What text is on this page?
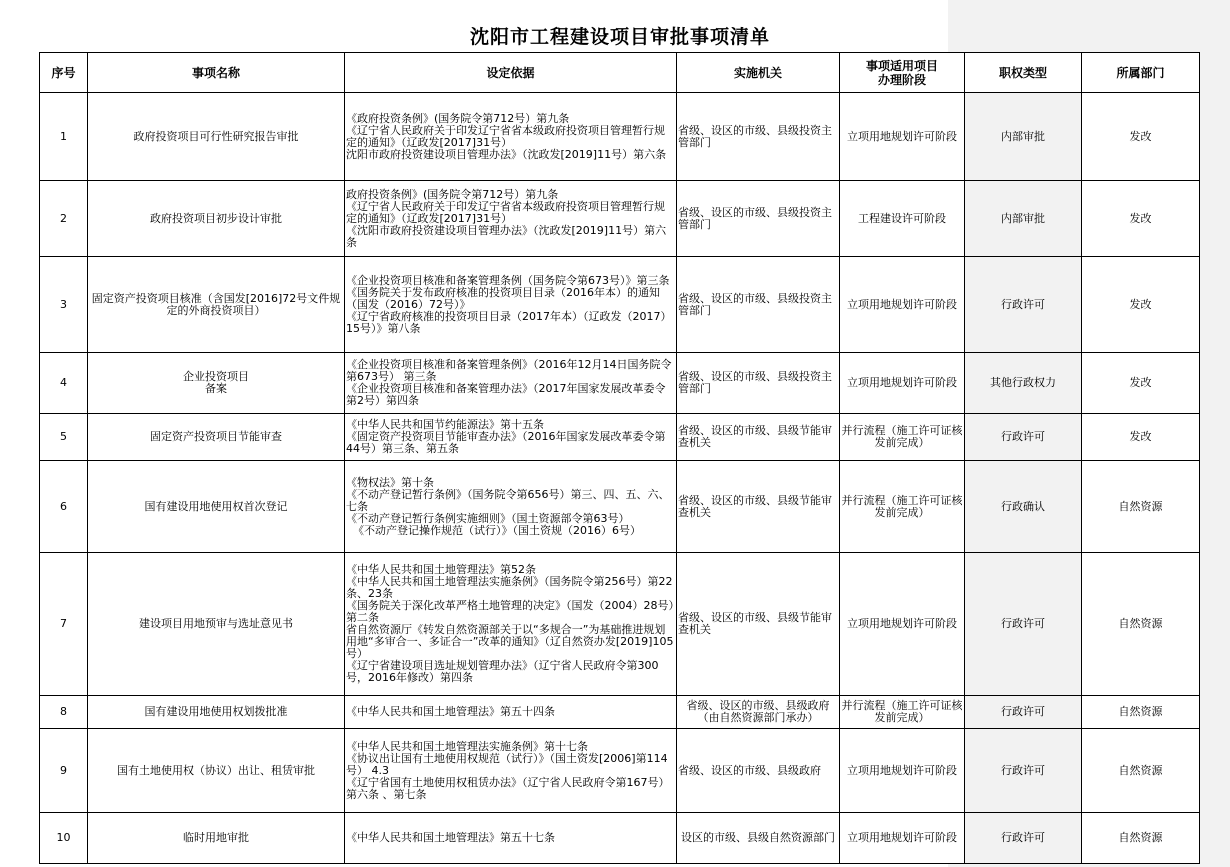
沈阳市工程建设项目审批事项清单
序号	事项名称	设定依据	实施机关	事项适用项目
办理阶段	职权类型	所属部门
1	政府投资项目可行性研究报告审批	《政府投资条例》(国务院令第712号）第九条
《辽宁省人民政府关于印发辽宁省省本级政府投资项目管理暂行规定的通知》（辽政发[2017]31号）
沈阳市政府投资建设项目管理办法》（沈政发[2019]11号）第六条	省级、设区的市级、县级投资主管部门	立项用地规划许可阶段	内部审批	发改
2	政府投资项目初步设计审批	政府投资条例》(国务院令第712号）第九条
《辽宁省人民政府关于印发辽宁省省本级政府投资项目管理暂行规定的通知》（辽政发[2017]31号）
《沈阳市政府投资建设项目管理办法》（沈政发[2019]11号）第六条	省级、设区的市级、县级投资主管部门	工程建设许可阶段	内部审批	发改
3	固定资产投资项目核准（含国发[2016]72号文件规定的外商投资项目）	《企业投资项目核准和备案管理条例（国务院令第673号）》第三条
《国务院关于发布政府核准的投资项目目录（2016年本）的通知（国发（2016）72号）》
《辽宁省政府核准的投资项目目录（2017年本）（辽政发（2017）15号）》第八条	省级、设区的市级、县级投资主管部门	立项用地规划许可阶段	行政许可	发改
4	企业投资项目
备案	《企业投资项目核准和备案管理条例》（2016年12月14日国务院令第673号） 第三条
《企业投资项目核准和备案管理办法》（2017年国家发展改革委令第2号）第四条	省级、设区的市级、县级投资主管部门	立项用地规划许可阶段	其他行政权力	发改
5	固定资产投资项目节能审查	《中华人民共和国节约能源法》第十五条
《固定资产投资项目节能审查办法》（2016年国家发展改革委令第44号）第三条、第五条	省级、设区的市级、县级节能审查机关	并行流程（施工许可证核发前完成）	行政许可	发改
6	国有建设用地使用权首次登记	《物权法》第十条
《不动产登记暂行条例》（国务院令第656号）第三、四、五、六、七条
《不动产登记暂行条例实施细则》（国土资源部令第63号）
《不动产登记操作规范（试行）》（国土资规（2016）6号）	省级、设区的市级、县级节能审查机关	并行流程（施工许可证核发前完成）	行政确认	自然资源
7	建设项目用地预审与选址意见书	《中华人民共和国土地管理法》第52条
《中华人民共和国土地管理法实施条例》（国务院令第256号）第22条、23条
《国务院关于深化改革严格土地管理的决定》（国发（2004）28号）第二条
省自然资源厅《转发自然资源部关于以“多规合一”为基础推进规划用地“多审合一、多证合一”改革的通知》（辽自然资办发[2019]105号）
《辽宁省建设项目选址规划管理办法》（辽宁省人民政府令第300号，2016年修改）第四条	省级、设区的市级、县级节能审查机关	立项用地规划许可阶段	行政许可	自然资源
8	国有建设用地使用权划拨批准	《中华人民共和国土地管理法》第五十四条	省级、设区的市级、县级政府（由自然资源部门承办）	并行流程（施工许可证核发前完成）	行政许可	自然资源
9	国有土地使用权（协议）出让、租赁审批	《中华人民共和国土地管理法实施条例》第十七条
《协议出让国有土地使用权规范（试行）》（国土资发[2006]第114号） 4.3
《辽宁省国有土地使用权租赁办法》（辽宁省人民政府令第167号） 第六条 、第七条	省级、设区的市级、县级政府	立项用地规划许可阶段	行政许可	自然资源
10	临时用地审批	《中华人民共和国土地管理法》第五十七条	设区的市级、县级自然资源部门	立项用地规划许可阶段	行政许可	自然资源
